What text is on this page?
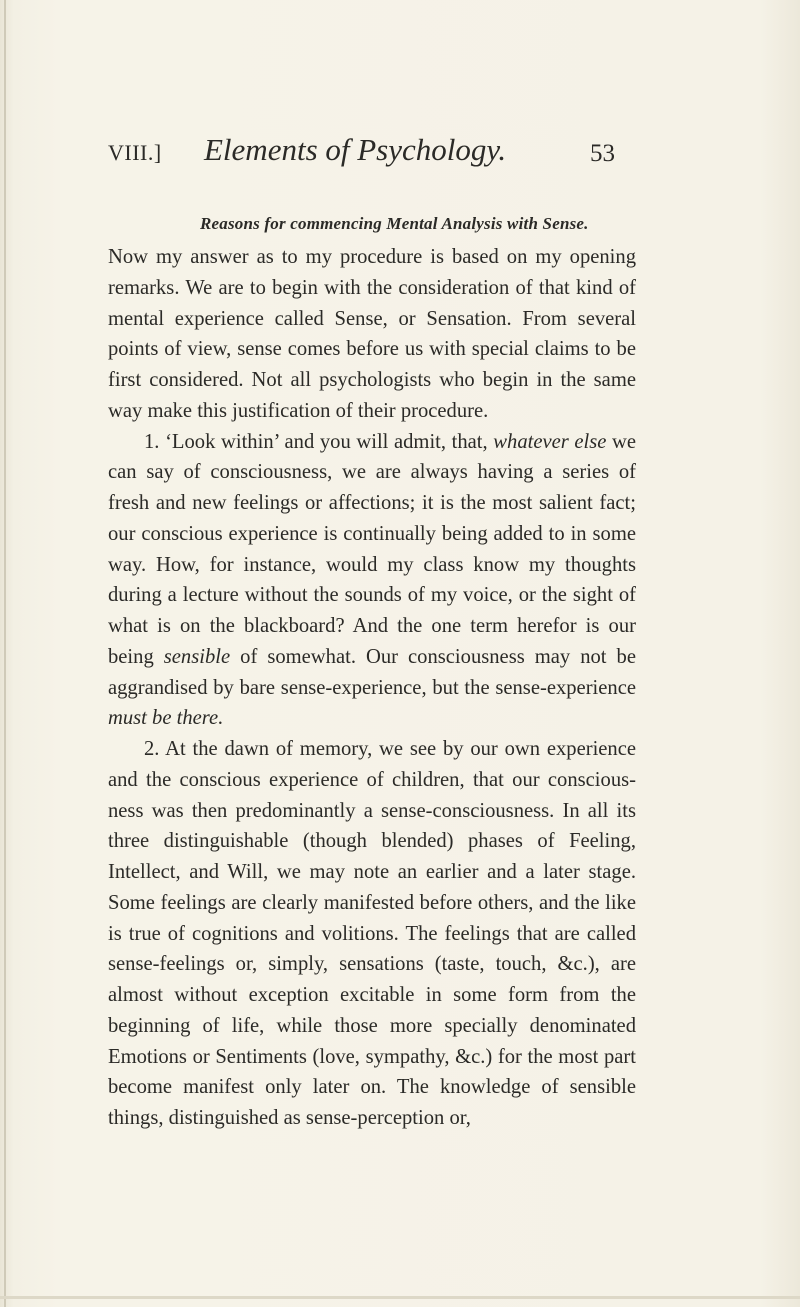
VIII.] Elements of Psychology.	53
Reasons for commencing Mental Analysis with Sense.

Now my answer as to my procedure is based on my opening remarks. We are to begin with the consideration of that kind of mental experience called Sense, or Sensation. From several points of view, sense comes before us with special claims to be first considered. Not all psychologists who begin in the same way make this justification of their procedure.

1. ‘Look within’ and you will admit, that, whatever else we can say of consciousness, we are always having a series of fresh and new feelings or affections; it is the most salient fact; our conscious experience is continually being added to in some way. How, for instance, would my class know my thoughts during a lecture without the sounds of my voice, or the sight of what is on the blackboard? And the one term herefor is our being sensible of somewhat. Our consciousness may not be aggrandised by bare sense-experience, but the sense-experience must be there.

2. At the dawn of memory, we see by our own experience and the conscious experience of children, that our consciousness was then predominantly a sense-consciousness. In all its three distinguishable (though blended) phases of Feeling, Intellect, and Will, we may note an earlier and a later stage. Some feelings are clearly manifested before others, and the like is true of cognitions and volitions. The feelings that are called sense-feelings or, simply, sensations (taste, touch, &c.), are almost without exception excitable in some form from the beginning of life, while those more specially denominated Emotions or Sentiments (love, sympathy, &c.) for the most part become manifest only later on. The knowledge of sensible things, distinguished as sense-perception or,
